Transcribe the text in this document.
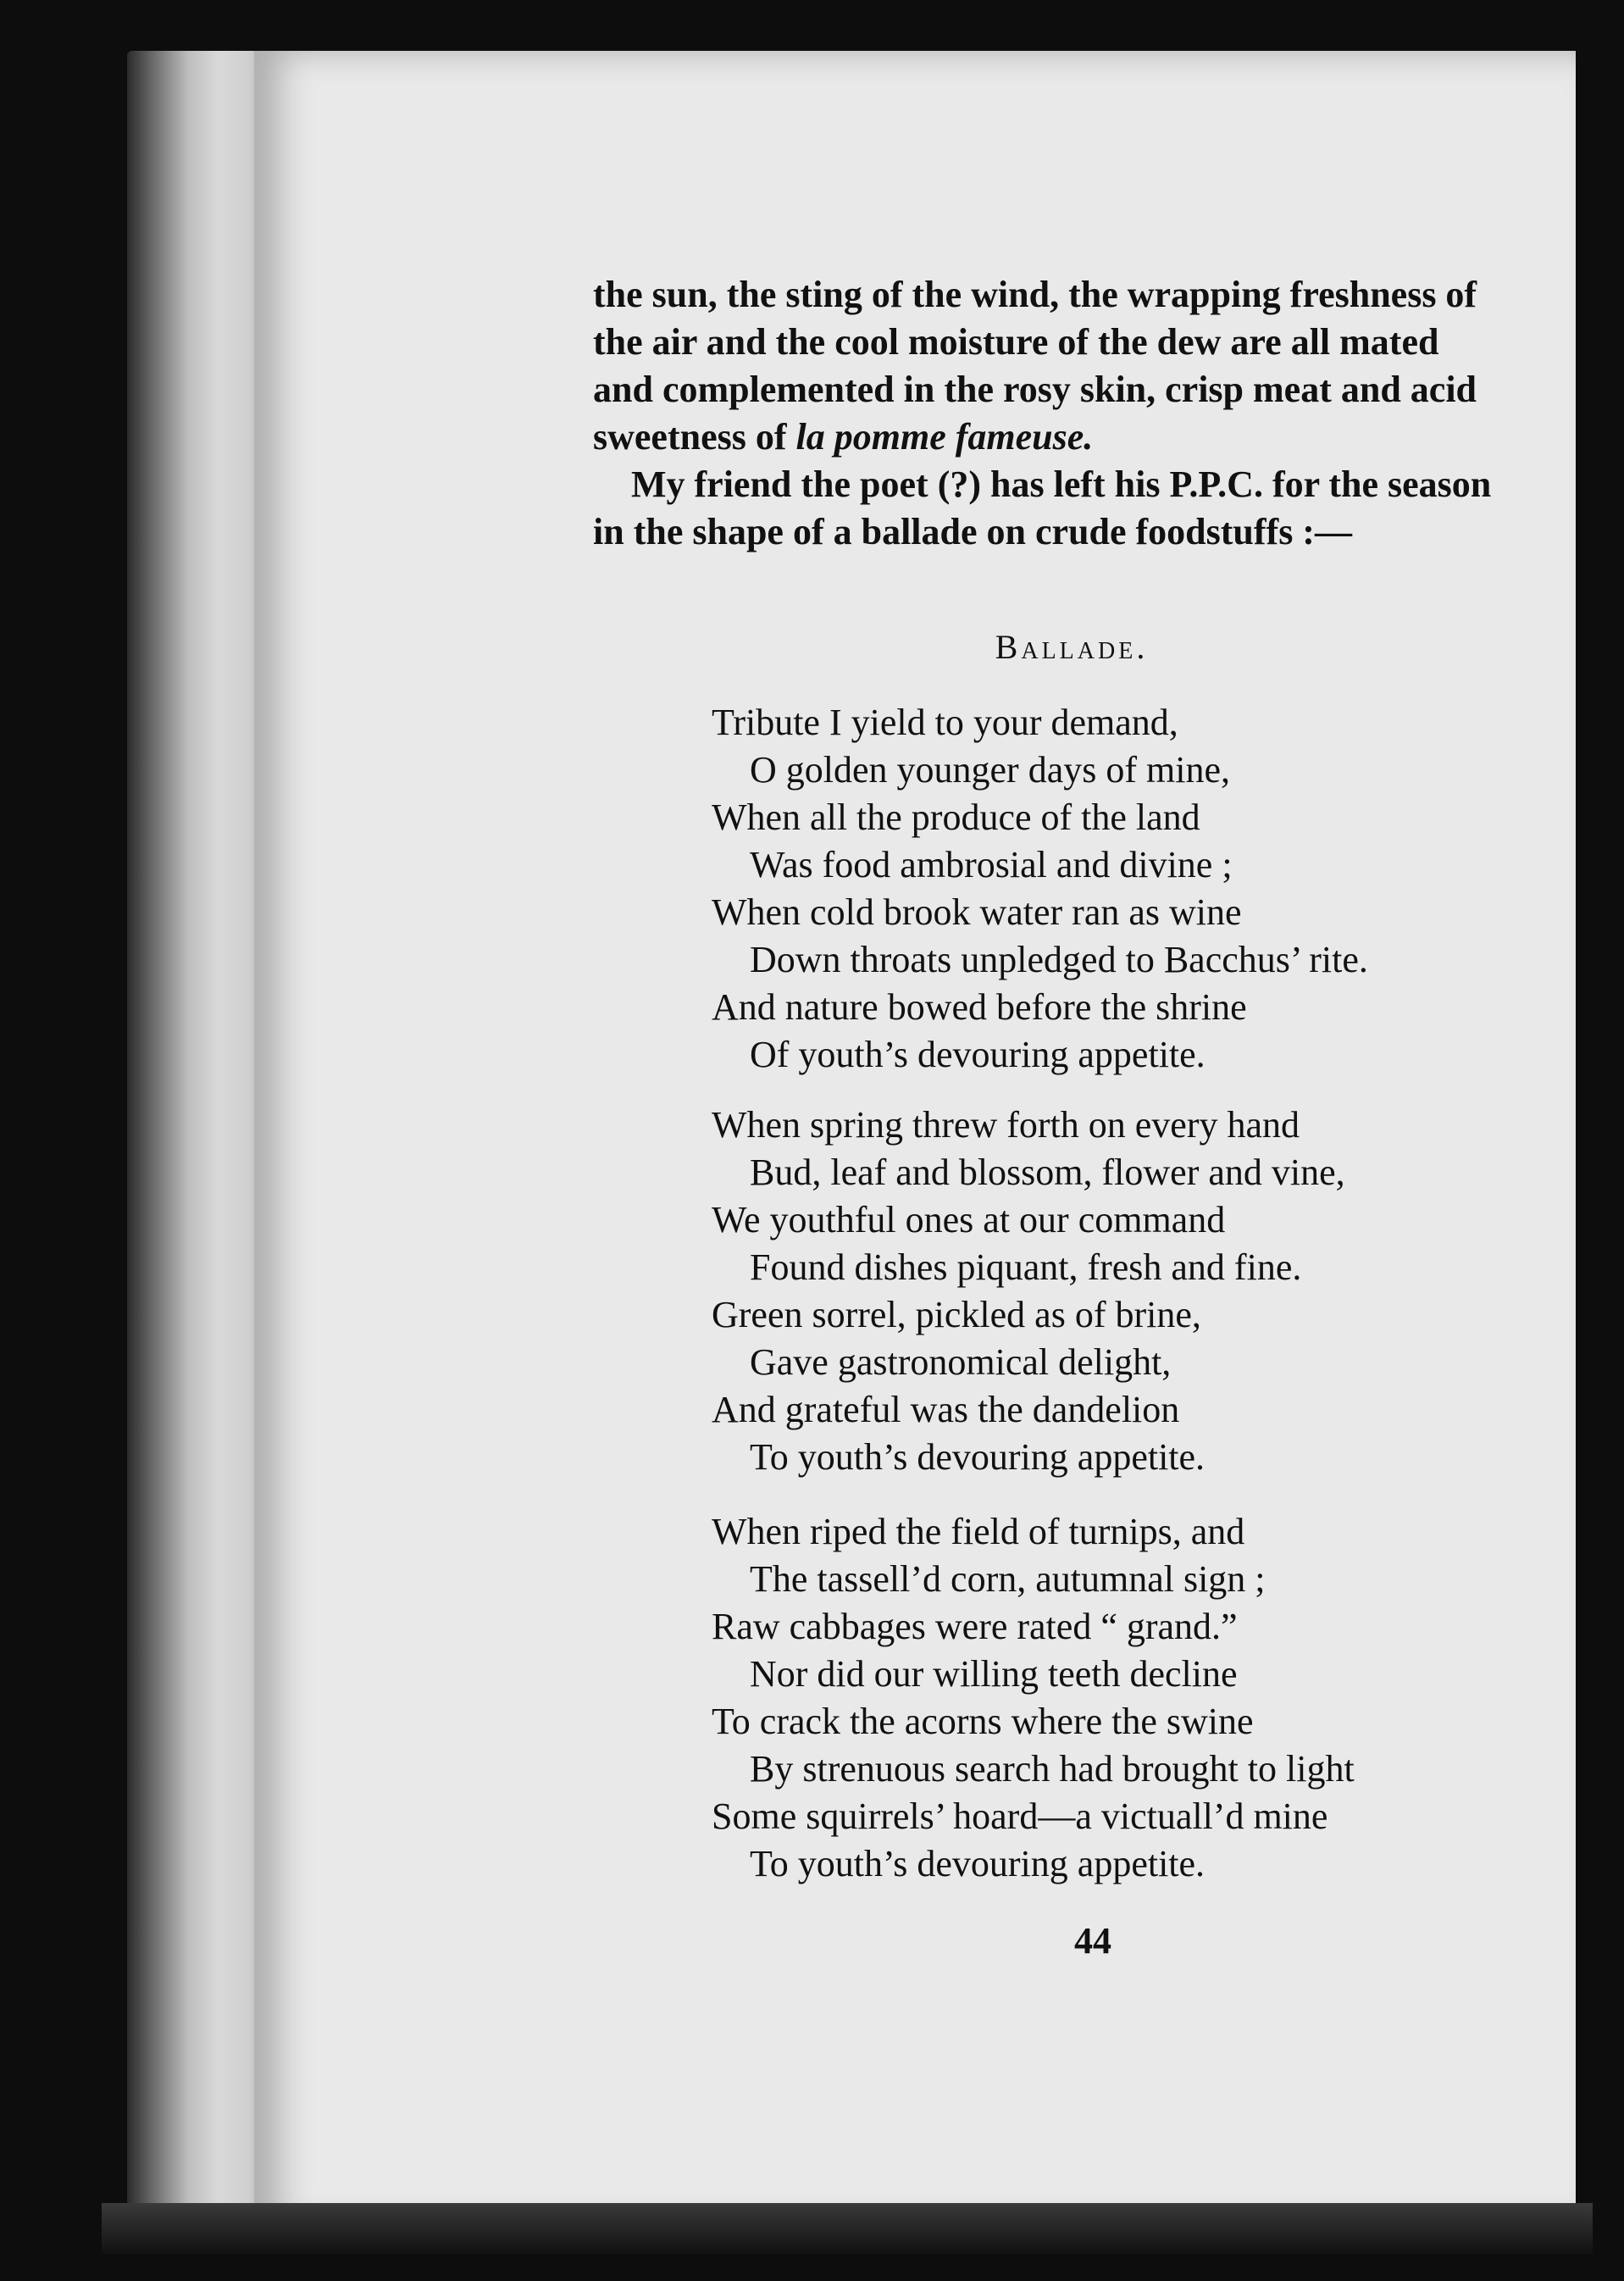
the sun, the sting of the wind, the wrapping freshness of
the air and the cool moisture of the dew are all mated
and complemented in the rosy skin, crisp meat and acid
sweetness of la pomme fameuse.

My friend the poet (?) has left his P.P.C. for the season
in the shape of a ballade on crude foodstuffs :—

Ballade.
Tribute I yield to your demand,
O golden younger days of mine,
When all the produce of the land
Was food ambrosial and divine ;
When cold brook water ran as wine
Down throats unpledged to Bacchus’ rite.
And nature bowed before the shrine
Of youth’s devouring appetite.
When spring threw forth on every hand
Bud, leaf and blossom, flower and vine,
We youthful ones at our command
Found dishes piquant, fresh and fine.
Green sorrel, pickled as of brine,
Gave gastronomical delight,
And grateful was the dandelion
To youth’s devouring appetite.
When riped the field of turnips, and
The tassell’d corn, autumnal sign ;
Raw cabbages were rated “ grand.”
Nor did our willing teeth decline
To crack the acorns where the swine
By strenuous search had brought to light
Some squirrels’ hoard—a victuall’d mine
To youth’s devouring appetite.
44
